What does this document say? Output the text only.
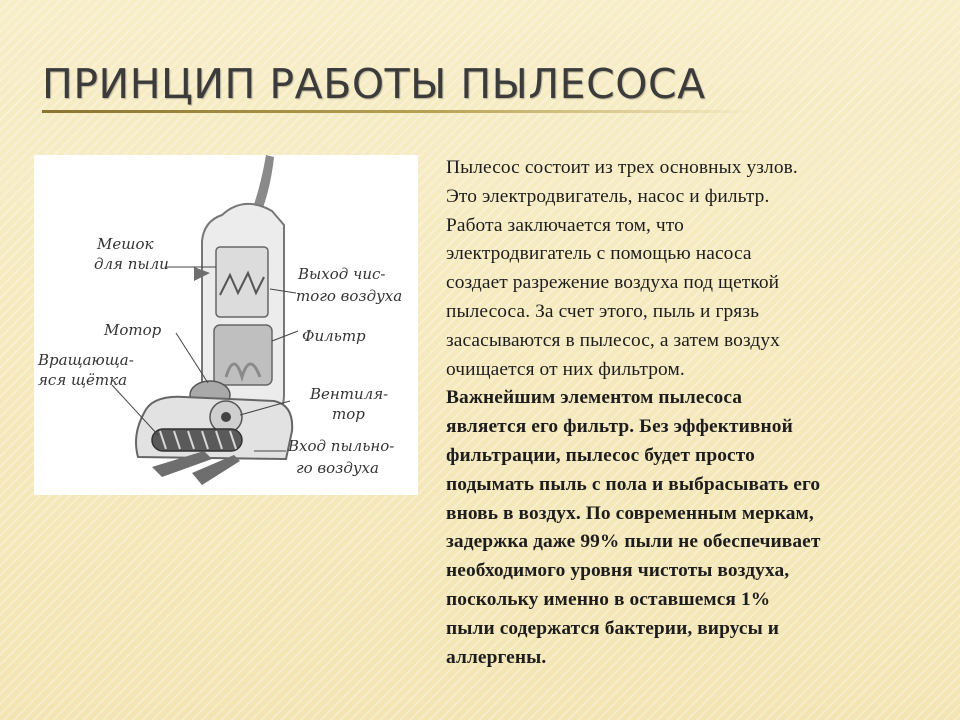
ПРИНЦИП РАБОТЫ ПЫЛЕСОСА
Мешок
для пыли
Выход чис-
того воздуха
Мотор	Фильтр
Вращающа-
яся щётка
Вентиля-
тор
Вход пыльно-
го воздуха

Пылесос состоит из трех основных узлов.
Это электродвигатель, насос и фильтр.
Работа заключается том, что
электродвигатель с помощью насоса
создает разрежение воздуха под щеткой
пылесоса. За счет этого, пыль и грязь
засасываются в пылесос, а затем воздух
очищается от них фильтром.
Важнейшим элементом пылесоса
является его фильтр. Без эффективной
фильтрации, пылесос будет просто
подымать пыль с пола и выбрасывать его
вновь в воздух. По современным меркам,
задержка даже 99% пыли не обеспечивает
необходимого уровня чистоты воздуха,
поскольку именно в оставшемся 1%
пыли содержатся бактерии, вирусы и
аллергены.
